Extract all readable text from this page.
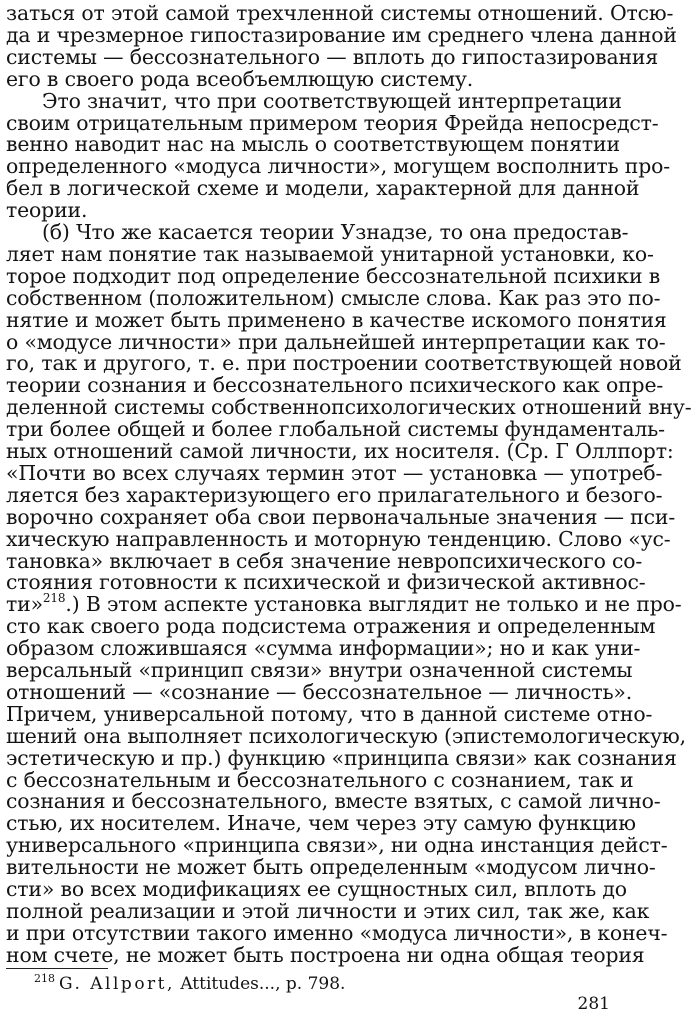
заться от этой самой трехчленной системы отношений. Отсю-
да и чрезмерное гипостазирование им среднего члена данной
системы — бессознательного — вплоть до гипостазирования
его в своего рода всеобъемлющую систему.
Это значит, что при соответствующей интерпретации
своим отрицательным примером теория Фрейда непосредст-
венно наводит нас на мысль о соответствующем понятии
определенного «модуса личности», могущем восполнить про-
бел в логической схеме и модели, характерной для данной
теории.
(б) Что же касается теории Узнадзе, то она предостав-
ляет нам понятие так называемой унитарной установки, ко-
торое подходит под определение бессознательной психики в
собственном (положительном) смысле слова. Как раз это по-
нятие и может быть применено в качестве искомого понятия
о «модусе личности» при дальнейшей интерпретации как то-
го, так и другого, т. е. при построении соответствующей новой
теории сознания и бессознательного психического как опре-
деленной системы собственнопсихологических отношений вну-
три более общей и более глобальной системы фундаменталь-
ных отношений самой личности, их носителя. (Ср. Г Оллпорт:
«Почти во всех случаях термин этот — установка — употреб-
ляется без характеризующего его прилагательного и безого-
ворочно сохраняет оба свои первоначальные значения — пси-
хическую направленность и моторную тенденцию. Слово «ус-
тановка» включает в себя значение невропсихического со-
стояния готовности к психической и физической активнос-
ти»$^{218}$.) В этом аспекте установка выглядит не только и не про-
сто как своего рода подсистема отражения и определенным
образом сложившаяся «сумма информации»; но и как уни-
версальный «принцип связи» внутри означенной системы
отношений — «сознание — бессознательное — личность».
Причем, универсальной потому, что в данной системе отно-
шений она выполняет психологическую (эпистемологическую,
эстетическую и пр.) функцию «принципа связи» как сознания
с бессознательным и бессознательного с сознанием, так и
сознания и бессознательного, вместе взятых, с самой лично-
стью, их носителем. Иначе, чем через эту самую функцию
универсального «принципа связи», ни одна инстанция дейст-
вительности не может быть определенным «модусом лично-
сти» во всех модификациях ее сущностных сил, вплоть до
полной реализации и этой личности и этих сил, так же, как
и при отсутствии такого именно «модуса личности», в конеч-
ном счете, не может быть построена ни одна общая теория
$^{218}$ G. Allport, Attitudes..., p. 798.
281
